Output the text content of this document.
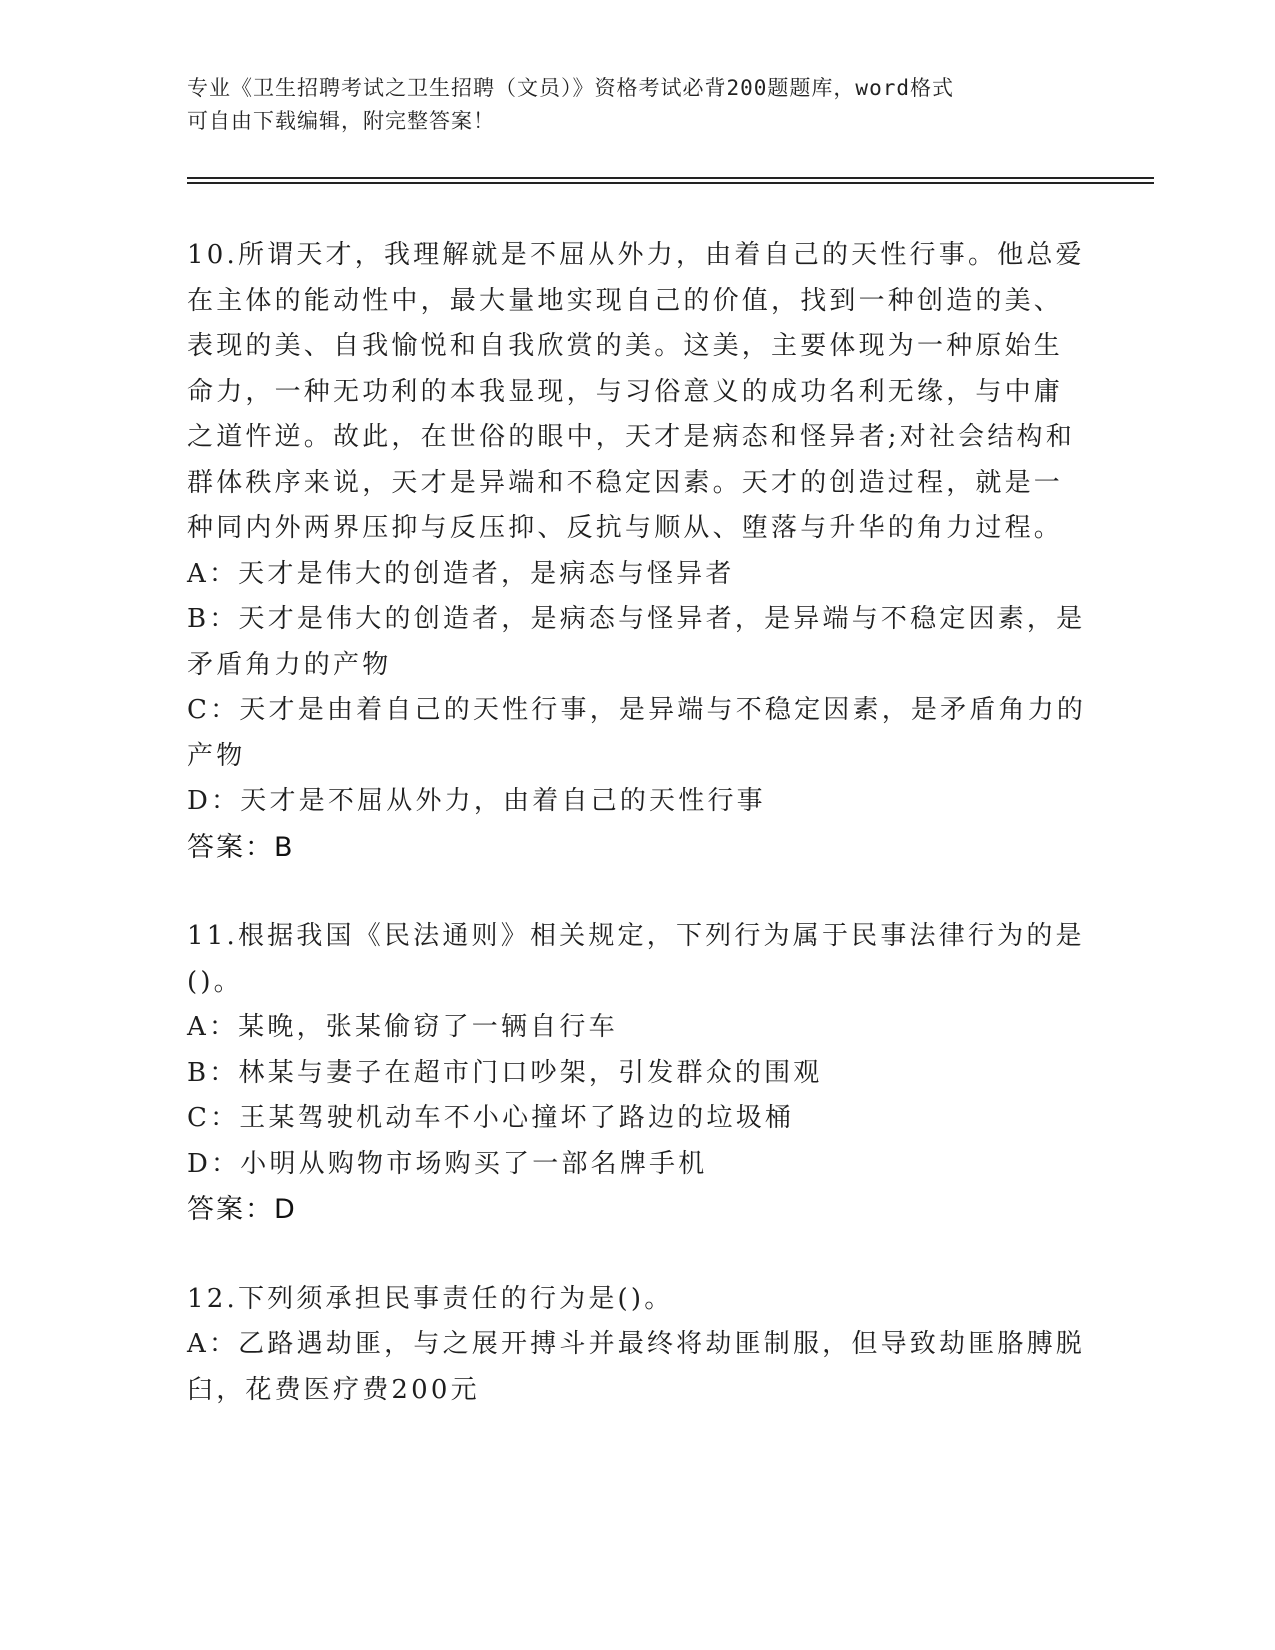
专业《卫生招聘考试之卫生招聘（文员）》资格考试必背200题题库，word格式
可自由下载编辑，附完整答案！
10.所谓天才，我理解就是不屈从外力，由着自己的天性行事。他总爱
在主体的能动性中，最大量地实现自己的价值，找到一种创造的美、
表现的美、自我愉悦和自我欣赏的美。这美，主要体现为一种原始生
命力，一种无功利的本我显现，与习俗意义的成功名利无缘，与中庸
之道忤逆。故此，在世俗的眼中，天才是病态和怪异者;对社会结构和
群体秩序来说，天才是异端和不稳定因素。天才的创造过程，就是一
种同内外两界压抑与反压抑、反抗与顺从、堕落与升华的角力过程。
A：天才是伟大的创造者，是病态与怪异者
B：天才是伟大的创造者，是病态与怪异者，是异端与不稳定因素，是
矛盾角力的产物
C：天才是由着自己的天性行事，是异端与不稳定因素，是矛盾角力的
产物
D：天才是不屈从外力，由着自己的天性行事
答案：B
11.根据我国《民法通则》相关规定，下列行为属于民事法律行为的是
()。
A：某晚，张某偷窃了一辆自行车
B：林某与妻子在超市门口吵架，引发群众的围观
C：王某驾驶机动车不小心撞坏了路边的垃圾桶
D：小明从购物市场购买了一部名牌手机
答案：D
12.下列须承担民事责任的行为是()。
A：乙路遇劫匪，与之展开搏斗并最终将劫匪制服，但导致劫匪胳膊脱
臼，花费医疗费200元
